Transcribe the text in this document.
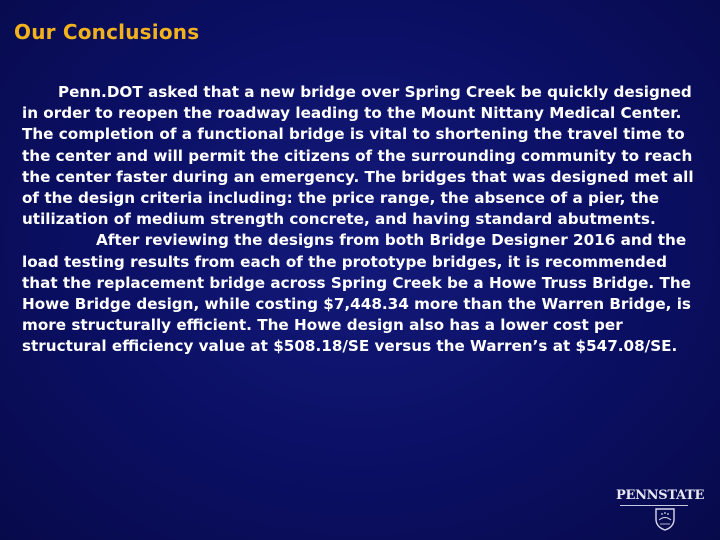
Our Conclusions

Penn.DOT asked that a new bridge over Spring Creek be quickly designed in order to reopen the roadway leading to the Mount Nittany Medical Center. The completion of a functional bridge is vital to shortening the travel time to the center and will permit the citizens of the surrounding community to reach the center faster during an emergency. The bridges that was designed met all of the design criteria including: the price range, the absence of a pier, the utilization of medium strength concrete, and having standard abutments.

After reviewing the designs from both Bridge Designer 2016 and the load testing results from each of the prototype bridges, it is recommended that the replacement bridge across Spring Creek be a Howe Truss Bridge. The Howe Bridge design, while costing $7,448.34 more than the Warren Bridge, is more structurally efficient. The Howe design also has a lower cost per structural efficiency value at $508.18/SE versus the Warren’s at $547.08/SE.

PENNSTATE
